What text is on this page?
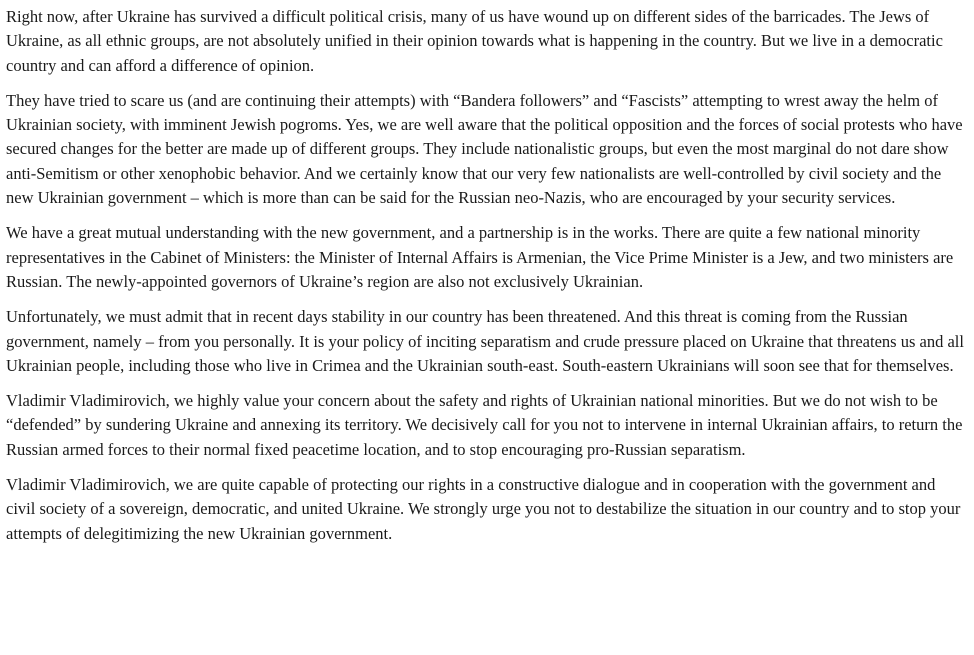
Right now, after Ukraine has survived a difficult political crisis, many of us have wound up on different sides of the barricades. The Jews of Ukraine, as all ethnic groups, are not absolutely unified in their opinion towards what is happening in the country. But we live in a democratic country and can afford a difference of opinion.

They have tried to scare us (and are continuing their attempts) with “Bandera followers” and “Fascists” attempting to wrest away the helm of Ukrainian society, with imminent Jewish pogroms. Yes, we are well aware that the political opposition and the forces of social protests who have secured changes for the better are made up of different groups. They include nationalistic groups, but even the most marginal do not dare show anti-Semitism or other xenophobic behavior. And we certainly know that our very few nationalists are well-controlled by civil society and the new Ukrainian government – which is more than can be said for the Russian neo-Nazis, who are encouraged by your security services.

We have a great mutual understanding with the new government, and a partnership is in the works. There are quite a few national minority representatives in the Cabinet of Ministers: the Minister of Internal Affairs is Armenian, the Vice Prime Minister is a Jew, and two ministers are Russian. The newly-appointed governors of Ukraine’s region are also not exclusively Ukrainian.

Unfortunately, we must admit that in recent days stability in our country has been threatened. And this threat is coming from the Russian government, namely – from you personally. It is your policy of inciting separatism and crude pressure placed on Ukraine that threatens us and all Ukrainian people, including those who live in Crimea and the Ukrainian south-east. South-eastern Ukrainians will soon see that for themselves.

Vladimir Vladimirovich, we highly value your concern about the safety and rights of Ukrainian national minorities. But we do not wish to be “defended” by sundering Ukraine and annexing its territory. We decisively call for you not to intervene in internal Ukrainian affairs, to return the Russian armed forces to their normal fixed peacetime location, and to stop encouraging pro-Russian separatism.

Vladimir Vladimirovich, we are quite capable of protecting our rights in a constructive dialogue and in cooperation with the government and civil society of a sovereign, democratic, and united Ukraine. We strongly urge you not to destabilize the situation in our country and to stop your attempts of delegitimizing the new Ukrainian government.
